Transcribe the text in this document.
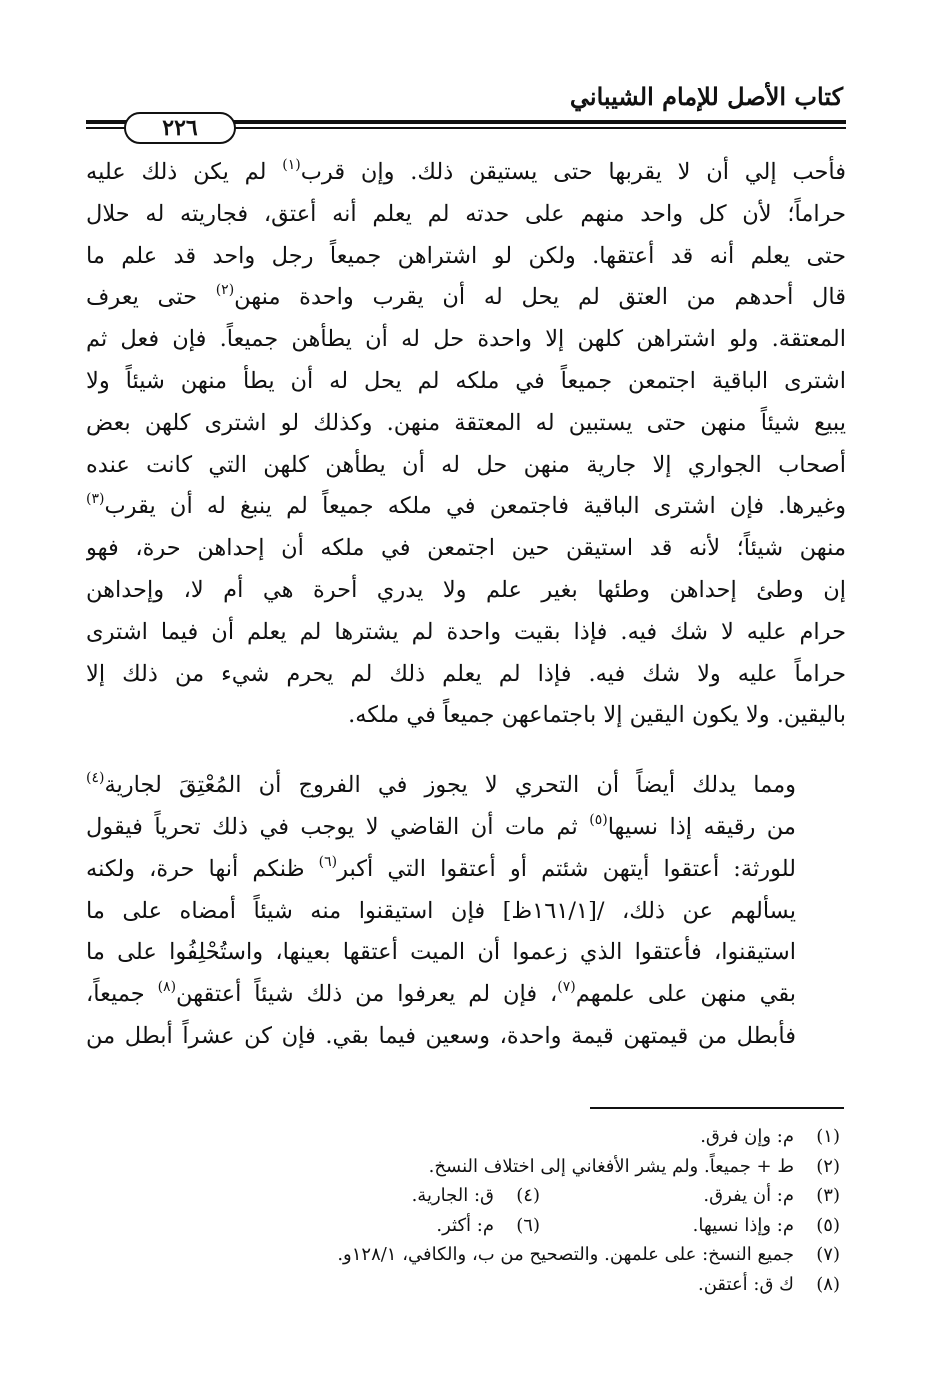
كتاب الأصل للإمام الشيباني
٢٢٦

فأحب إلي أن لا يقربها حتى يستيقن ذلك. وإن قرب$^{(١)}$ لم يكن ذلك عليه
حراماً؛ لأن كل واحد منهم على حدته لم يعلم أنه أعتق، فجاريته له حلال
حتى يعلم أنه قد أعتقها. ولكن لو اشتراهن جميعاً رجل واحد قد علم ما
قال أحدهم من العتق لم يحل له أن يقرب واحدة منهن$^{(٢)}$ حتى يعرف
المعتقة. ولو اشتراهن كلهن إلا واحدة حل له أن يطأهن جميعاً. فإن فعل ثم
اشترى الباقية اجتمعن جميعاً في ملكه لم يحل له أن يطأ منهن شيئاً ولا
يبيع شيئاً منهن حتى يستبين له المعتقة منهن. وكذلك لو اشترى كلهن بعض
أصحاب الجواري إلا جارية منهن حل له أن يطأهن كلهن التي كانت عنده
وغيرها. فإن اشترى الباقية فاجتمعن في ملكه جميعاً لم ينبغ له أن يقرب$^{(٣)}$
منهن شيئاً؛ لأنه قد استيقن حين اجتمعن في ملكه أن إحداهن حرة، فهو
إن وطئ إحداهن وطئها بغير علم ولا يدري أحرة هي أم لا، وإحداهن
حرام عليه لا شك فيه. فإذا بقيت واحدة لم يشترها لم يعلم أن فيما اشترى
حراماً عليه ولا شك فيه. فإذا لم يعلم ذلك لم يحرم شيء من ذلك إلا
باليقين. ولا يكون اليقين إلا باجتماعهن جميعاً في ملكه.

ومما يدلك أيضاً أن التحري لا يجوز في الفروج أن المُعْتِقَ لجارية$^{(٤)}$
من رقيقه إذا نسيها$^{(٥)}$ ثم مات أن القاضي لا يوجب في ذلك تحرياً فيقول
للورثة: أعتقوا أيتهن شئتم أو أعتقوا التي أكبر$^{(٦)}$ ظنكم أنها حرة، ولكنه
يسألهم عن ذلك، /[١٦١/١ظ] فإن استيقنوا منه شيئاً أمضاه على ما
استيقنوا، فأعتقوا الذي زعموا أن الميت أعتقها بعينها، واستُحْلِفُوا على ما
بقي منهن على علمهم$^{(٧)}$، فإن لم يعرفوا من ذلك شيئاً أعتقهن$^{(٨)}$ جميعاً،
فأبطل من قيمتهن قيمة واحدة، وسعين فيما بقي. فإن كن عشراً أبطل من

(١)م: وإن فرق.
(٢)ط + جميعاً. ولم يشر الأفغاني إلى اختلاف النسخ.
(٣)م: أن يفرق.
(٤)ق: الجارية.
(٥)م: وإذا نسيها.
(٦)م: أكثر.
(٧)جميع النسخ: على علمهن. والتصحيح من ب، والكافي، ١٢٨/١و.
(٨)ك ق: أعتقن.
